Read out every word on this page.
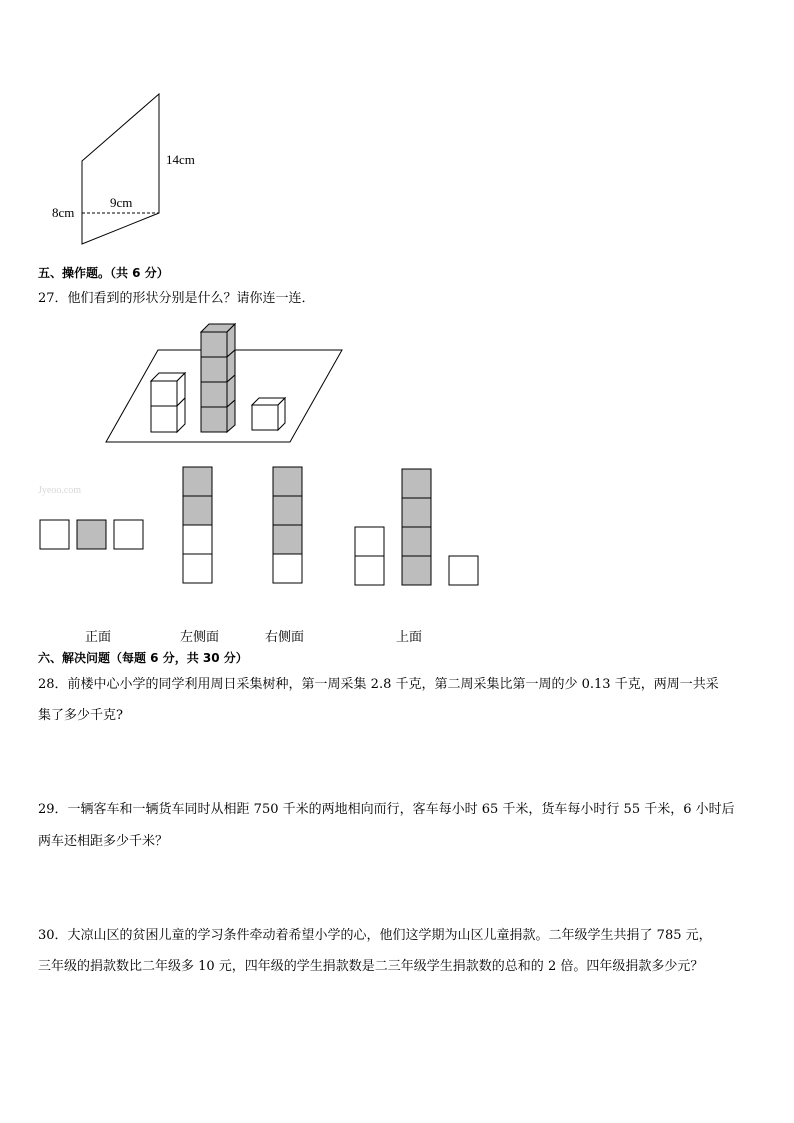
14cm
9cm
8cm
Jyeoo.com
五、操作题。（共 6 分）
27．他们看到的形状分别是什么？请你连一连．
正面	左侧面	右侧面	上面
六、解决问题（每题 6 分，共 30 分）
28．前楼中心小学的同学利用周日采集树种，第一周采集 2.8 千克，第二周采集比第一周的少 0.13 千克，两周一共采
集了多少千克?
29．一辆客车和一辆货车同时从相距 750 千米的两地相向而行，客车每小时 65 千米，货车每小时行 55 千米，6 小时后
两车还相距多少千米？
30．大凉山区的贫困儿童的学习条件牵动着希望小学的心，他们这学期为山区儿童捐款。二年级学生共捐了 785 元，
三年级的捐款数比二年级多 10 元，四年级的学生捐款数是二三年级学生捐款数的总和的 2 倍。四年级捐款多少元？
